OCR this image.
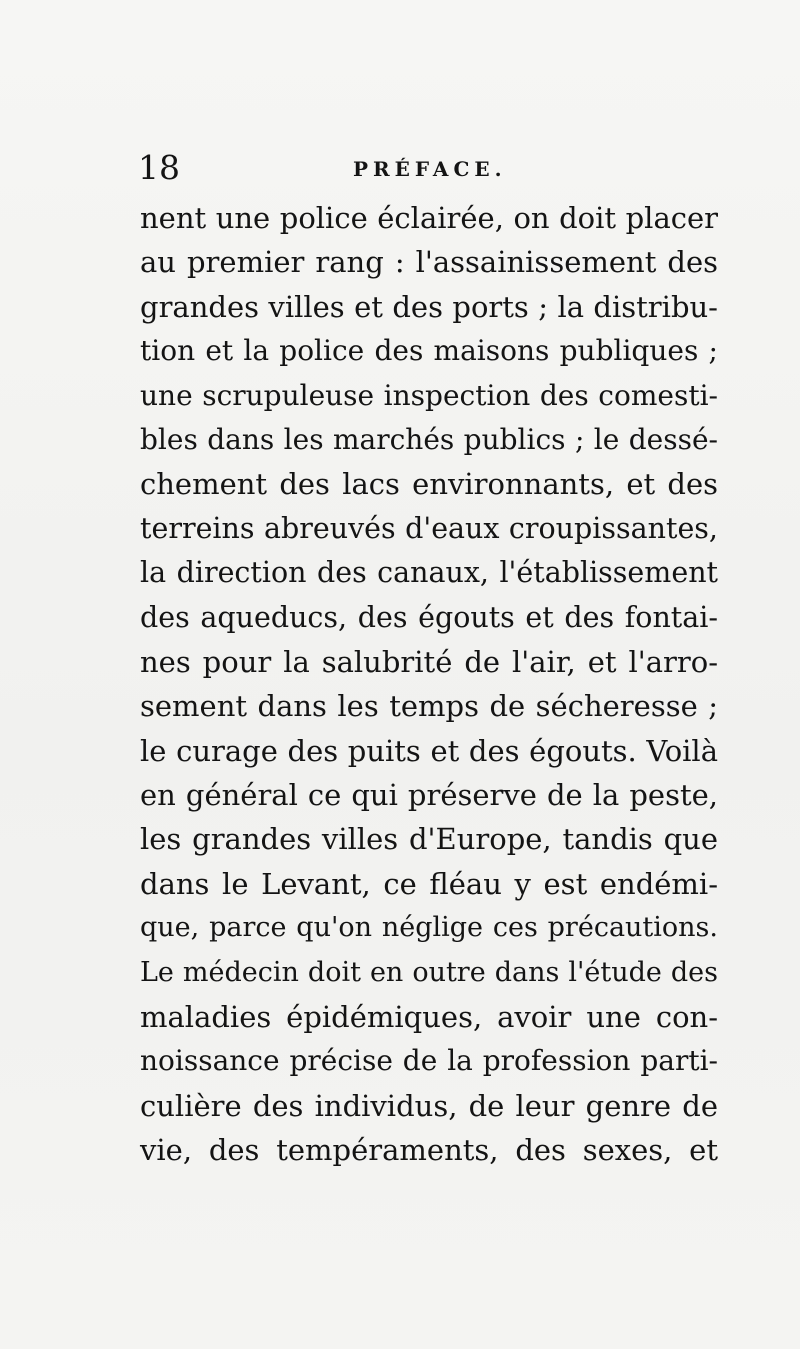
18	PRÉFACE.
nent une police éclairée, on doit placer
au premier rang : l'assainissement des
grandes villes et des ports ; la distribu-
tion et la police des maisons publiques ;
une scrupuleuse inspection des comesti-
bles dans les marchés publics ; le dessé-
chement des lacs environnants, et des
terreins abreuvés d'eaux croupissantes,
la direction des canaux, l'établissement
des aqueducs, des égouts et des fontai-
nes pour la salubrité de l'air, et l'arro-
sement dans les temps de sécheresse ;
le curage des puits et des égouts. Voilà
en général ce qui préserve de la peste,
les grandes villes d'Europe, tandis que
dans le Levant, ce fléau y est endémi-
que, parce qu'on néglige ces précautions.
Le médecin doit en outre dans l'étude des
maladies épidémiques, avoir une con-
noissance précise de la profession parti-
culière des individus, de leur genre de
vie, des tempéraments, des sexes, et
